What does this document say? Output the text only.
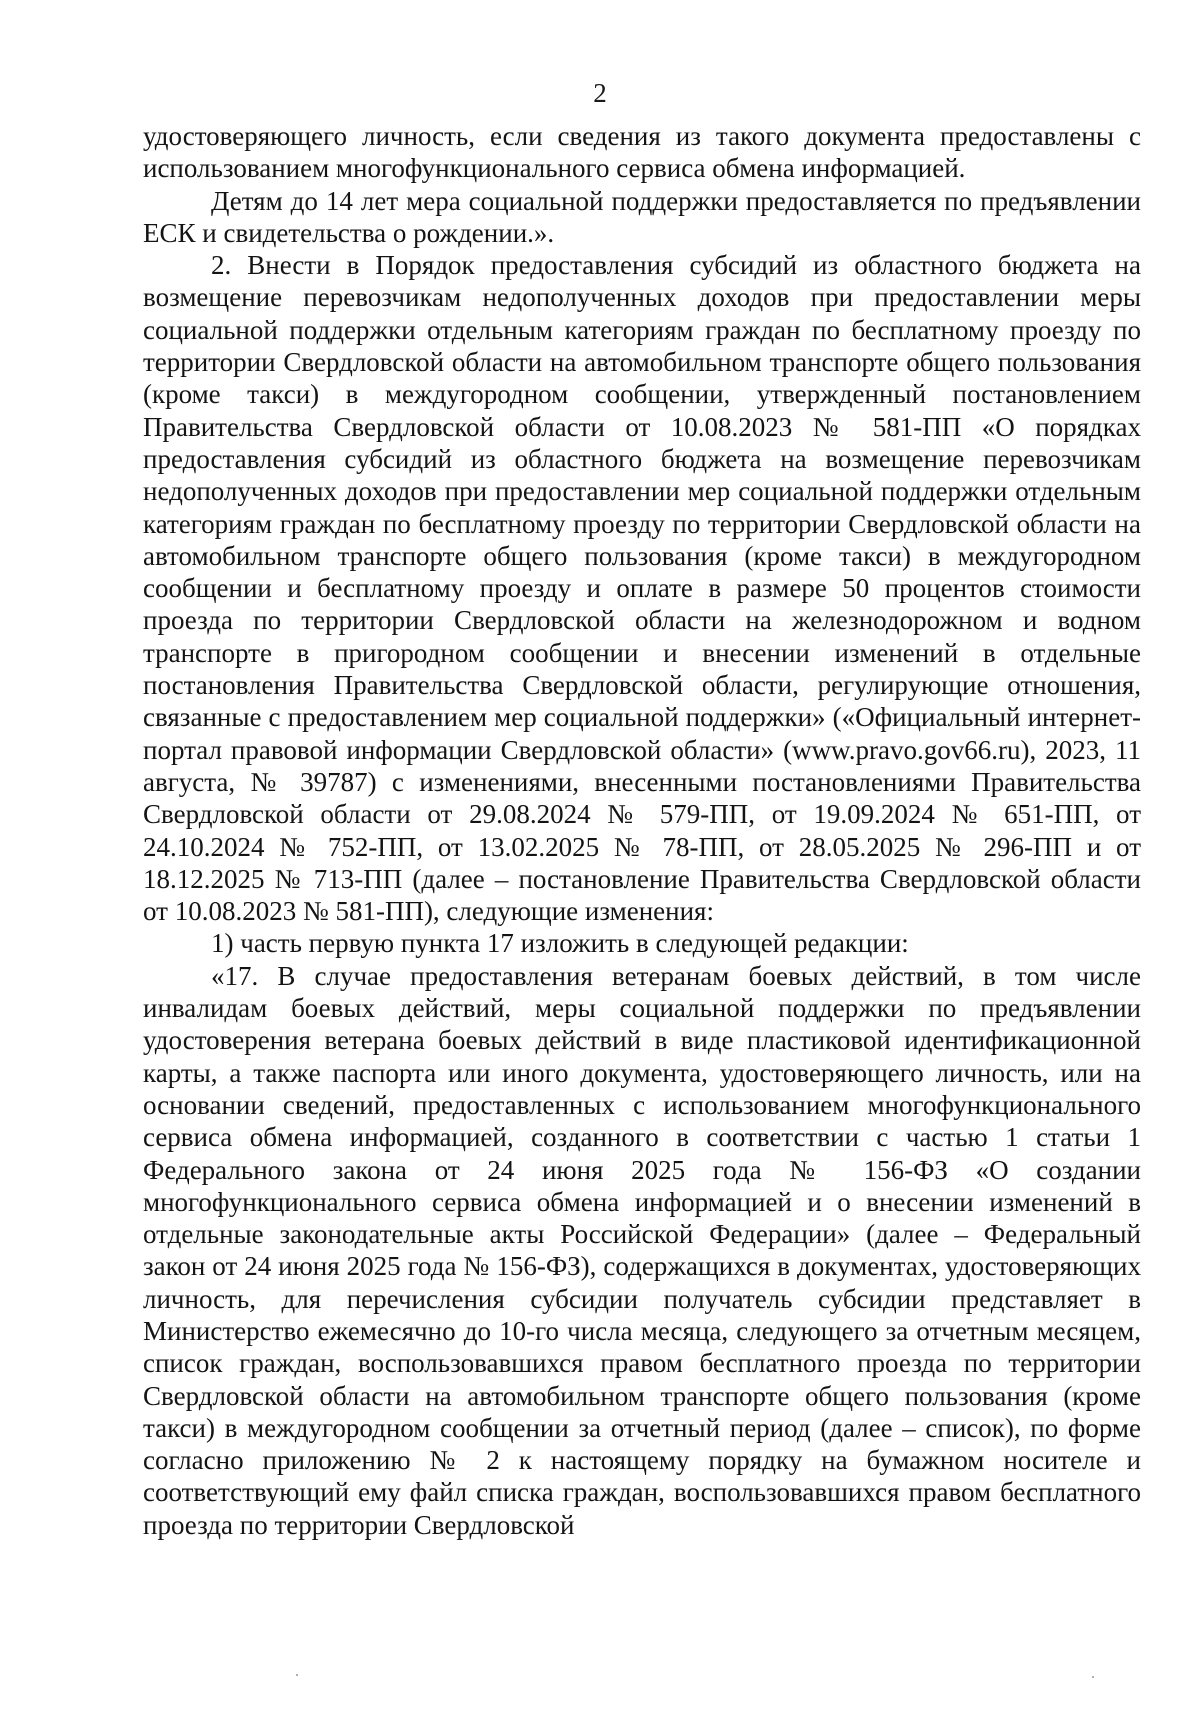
2

удостоверяющего личность, если сведения из такого документа предоставлены с использованием многофункционального сервиса обмена информацией.

Детям до 14 лет мера социальной поддержки предоставляется по предъявлении ЕСК и свидетельства о рождении.».

2. Внести в Порядок предоставления субсидий из областного бюджета на возмещение перевозчикам недополученных доходов при предоставлении меры социальной поддержки отдельным категориям граждан по бесплатному проезду по территории Свердловской области на автомобильном транспорте общего пользования (кроме такси) в междугородном сообщении, утвержденный постановлением Правительства Свердловской области от 10.08.2023 № 581-ПП «О порядках предоставления субсидий из областного бюджета на возмещение перевозчикам недополученных доходов при предоставлении мер социальной поддержки отдельным категориям граждан по бесплатному проезду по территории Свердловской области на автомобильном транспорте общего пользования (кроме такси) в междугородном сообщении и бесплатному проезду и оплате в размере 50 процентов стоимости проезда по территории Свердловской области на железнодорожном и водном транспорте в пригородном сообщении и внесении изменений в отдельные постановления Правительства Свердловской области, регулирующие отношения, связанные с предоставлением мер социальной поддержки» («Официальный интернет-портал правовой информации Свердловской области» (www.pravo.gov66.ru), 2023, 11 августа, № 39787) с изменениями, внесенными постановлениями Правительства Свердловской области от 29.08.2024 № 579-ПП, от 19.09.2024 № 651-ПП, от 24.10.2024 № 752-ПП, от 13.02.2025 № 78-ПП, от 28.05.2025 № 296-ПП и от 18.12.2025 № 713-ПП (далее – постановление Правительства Свердловской области от 10.08.2023 № 581-ПП), следующие изменения:

1) часть первую пункта 17 изложить в следующей редакции:

«17. В случае предоставления ветеранам боевых действий, в том числе инвалидам боевых действий, меры социальной поддержки по предъявлении удостоверения ветерана боевых действий в виде пластиковой идентификационной карты, а также паспорта или иного документа, удостоверяющего личность, или на основании сведений, предоставленных с использованием многофункционального сервиса обмена информацией, созданного в соответствии с частью 1 статьи 1 Федерального закона от 24 июня 2025 года № 156-ФЗ «О создании многофункционального сервиса обмена информацией и о внесении изменений в отдельные законодательные акты Российской Федерации» (далее – Федеральный закон от 24 июня 2025 года № 156-ФЗ), содержащихся в документах, удостоверяющих личность, для перечисления субсидии получатель субсидии представляет в Министерство ежемесячно до 10-го числа месяца, следующего за отчетным месяцем, список граждан, воспользовавшихся правом бесплатного проезда по территории Свердловской области на автомобильном транспорте общего пользования (кроме такси) в междугородном сообщении за отчетный период (далее – список), по форме согласно приложению № 2 к настоящему порядку на бумажном носителе и соответствующий ему файл списка граждан, воспользовавшихся правом бесплатного проезда по территории Свердловской
